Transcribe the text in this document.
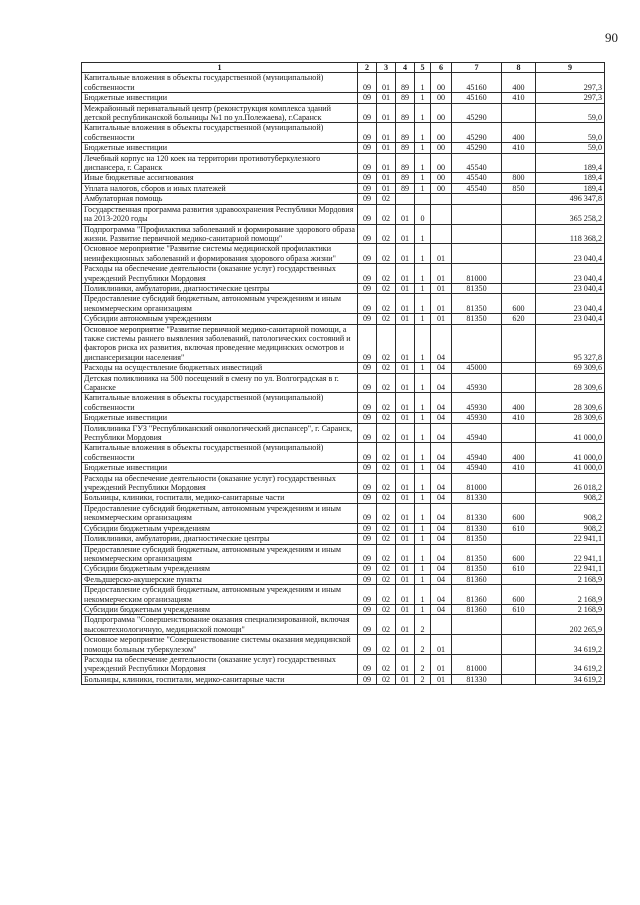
90
1	2	3	4	5	6	7	8	9
Капитальные вложения в объекты государственной (муниципальной) собственности	09	01	89	1	00	45160	400	297,3
Бюджетные инвестиции	09	01	89	1	00	45160	410	297,3
Межрайонный перинатальный центр (реконструкция комплекса зданий детской республиканской больницы №1 по ул.Полежаева), г.Саранск	09	01	89	1	00	45290		59,0
Капитальные вложения в объекты государственной (муниципальной) собственности	09	01	89	1	00	45290	400	59,0
Бюджетные инвестиции	09	01	89	1	00	45290	410	59,0
Лечебный корпус на 120 коек на территории противотуберкулезного диспансера, г. Саранск	09	01	89	1	00	45540		189,4
Иные бюджетные ассигнования	09	01	89	1	00	45540	800	189,4
Уплата налогов, сборов и иных платежей	09	01	89	1	00	45540	850	189,4
Амбулаторная помощь	09	02						496 347,8
Государственная программа развития здравоохранения Республики Мордовия на 2013-2020 годы	09	02	01	0				365 258,2
Подпрограмма "Профилактика заболеваний и формирование здорового образа жизни. Развитие первичной медико-санитарной помощи"	09	02	01	1				118 368,2
Основное мероприятие "Развитие системы медицинской профилактики неинфекционных заболеваний и формирования здорового образа жизни"	09	02	01	1	01			23 040,4
Расходы на обеспечение деятельности (оказание услуг) государственных учреждений Республики Мордовия	09	02	01	1	01	81000		23 040,4
Поликлиники, амбулатории, диагностические центры	09	02	01	1	01	81350		23 040,4
Предоставление субсидий бюджетным, автономным учреждениям и иным некоммерческим организациям	09	02	01	1	01	81350	600	23 040,4
Субсидии автономным учреждениям	09	02	01	1	01	81350	620	23 040,4
Основное мероприятие "Развитие первичной медико-санитарной помощи, а также системы раннего выявления заболеваний, патологических состояний и факторов риска их развития, включая проведение медицинских осмотров и диспансеризации населения"	09	02	01	1	04			95 327,8
Расходы на осуществление бюджетных инвестиций	09	02	01	1	04	45000		69 309,6
Детская поликлиника на 500 посещений в смену по ул. Волгоградская в г. Саранске	09	02	01	1	04	45930		28 309,6
Капитальные вложения в объекты государственной (муниципальной) собственности	09	02	01	1	04	45930	400	28 309,6
Бюджетные инвестиции	09	02	01	1	04	45930	410	28 309,6
Поликлиника ГУЗ "Республиканский онкологический диспансер", г. Саранск, Республики Мордовия	09	02	01	1	04	45940		41 000,0
Капитальные вложения в объекты государственной (муниципальной) собственности	09	02	01	1	04	45940	400	41 000,0
Бюджетные инвестиции	09	02	01	1	04	45940	410	41 000,0
Расходы на обеспечение деятельности (оказание услуг) государственных учреждений Республики Мордовия	09	02	01	1	04	81000		26 018,2
Больницы, клиники, госпитали, медико-санитарные части	09	02	01	1	04	81330		908,2
Предоставление субсидий бюджетным, автономным учреждениям и иным некоммерческим организациям	09	02	01	1	04	81330	600	908,2
Субсидии бюджетным учреждениям	09	02	01	1	04	81330	610	908,2
Поликлиники, амбулатории, диагностические центры	09	02	01	1	04	81350		22 941,1
Предоставление субсидий бюджетным, автономным учреждениям и иным некоммерческим организациям	09	02	01	1	04	81350	600	22 941,1
Субсидии бюджетным учреждениям	09	02	01	1	04	81350	610	22 941,1
Фельдшерско-акушерские пункты	09	02	01	1	04	81360		2 168,9
Предоставление субсидий бюджетным, автономным учреждениям и иным некоммерческим организациям	09	02	01	1	04	81360	600	2 168,9
Субсидии бюджетным учреждениям	09	02	01	1	04	81360	610	2 168,9
Подпрограмма "Совершенствование оказания специализированной, включая высокотехнологичную, медицинской помощи"	09	02	01	2				202 265,9
Основное мероприятие "Совершенствование системы оказания медицинской помощи больным туберкулезом"	09	02	01	2	01			34 619,2
Расходы на обеспечение деятельности (оказание услуг) государственных учреждений Республики Мордовия	09	02	01	2	01	81000		34 619,2
Больницы, клиники, госпитали, медико-санитарные части	09	02	01	2	01	81330		34 619,2
